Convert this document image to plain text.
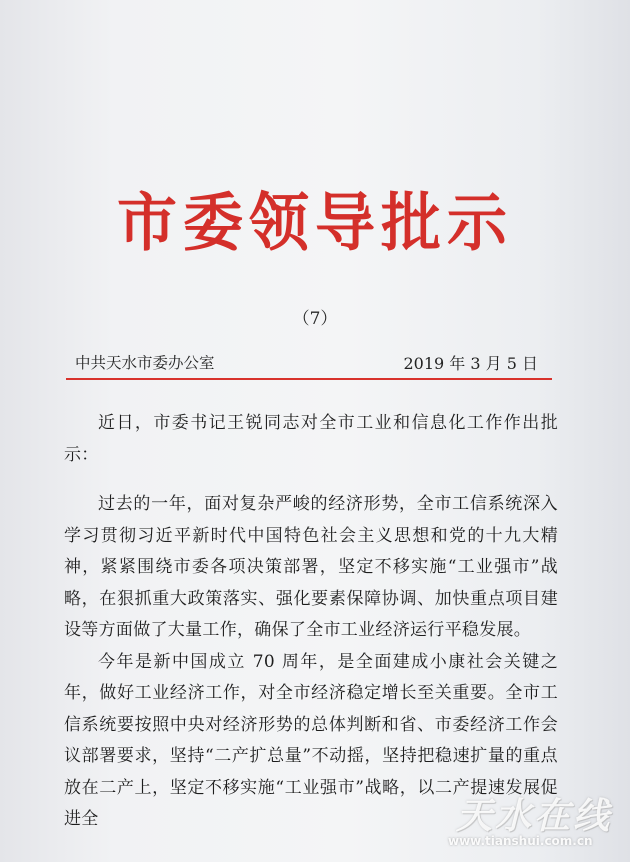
市委领导批示
（7）
中共天水市委办公室	2019 年 3 月 5 日

近日，市委书记王锐同志对全市工业和信息化工作作出批示：

过去的一年，面对复杂严峻的经济形势，全市工信系统深入学习贯彻习近平新时代中国特色社会主义思想和党的十九大精神，紧紧围绕市委各项决策部署，坚定不移实施“工业强市”战略，在狠抓重大政策落实、强化要素保障协调、加快重点项目建设等方面做了大量工作，确保了全市工业经济运行平稳发展。

今年是新中国成立 70 周年，是全面建成小康社会关键之年，做好工业经济工作，对全市经济稳定增长至关重要。全市工信系统要按照中央对经济形势的总体判断和省、市委经济工作会议部署要求，坚持“二产扩总量”不动摇，坚持把稳速扩量的重点放在二产上，坚定不移实施“工业强市”战略，以二产提速发展促进全	天水在线
www.tianshui.com.cn
